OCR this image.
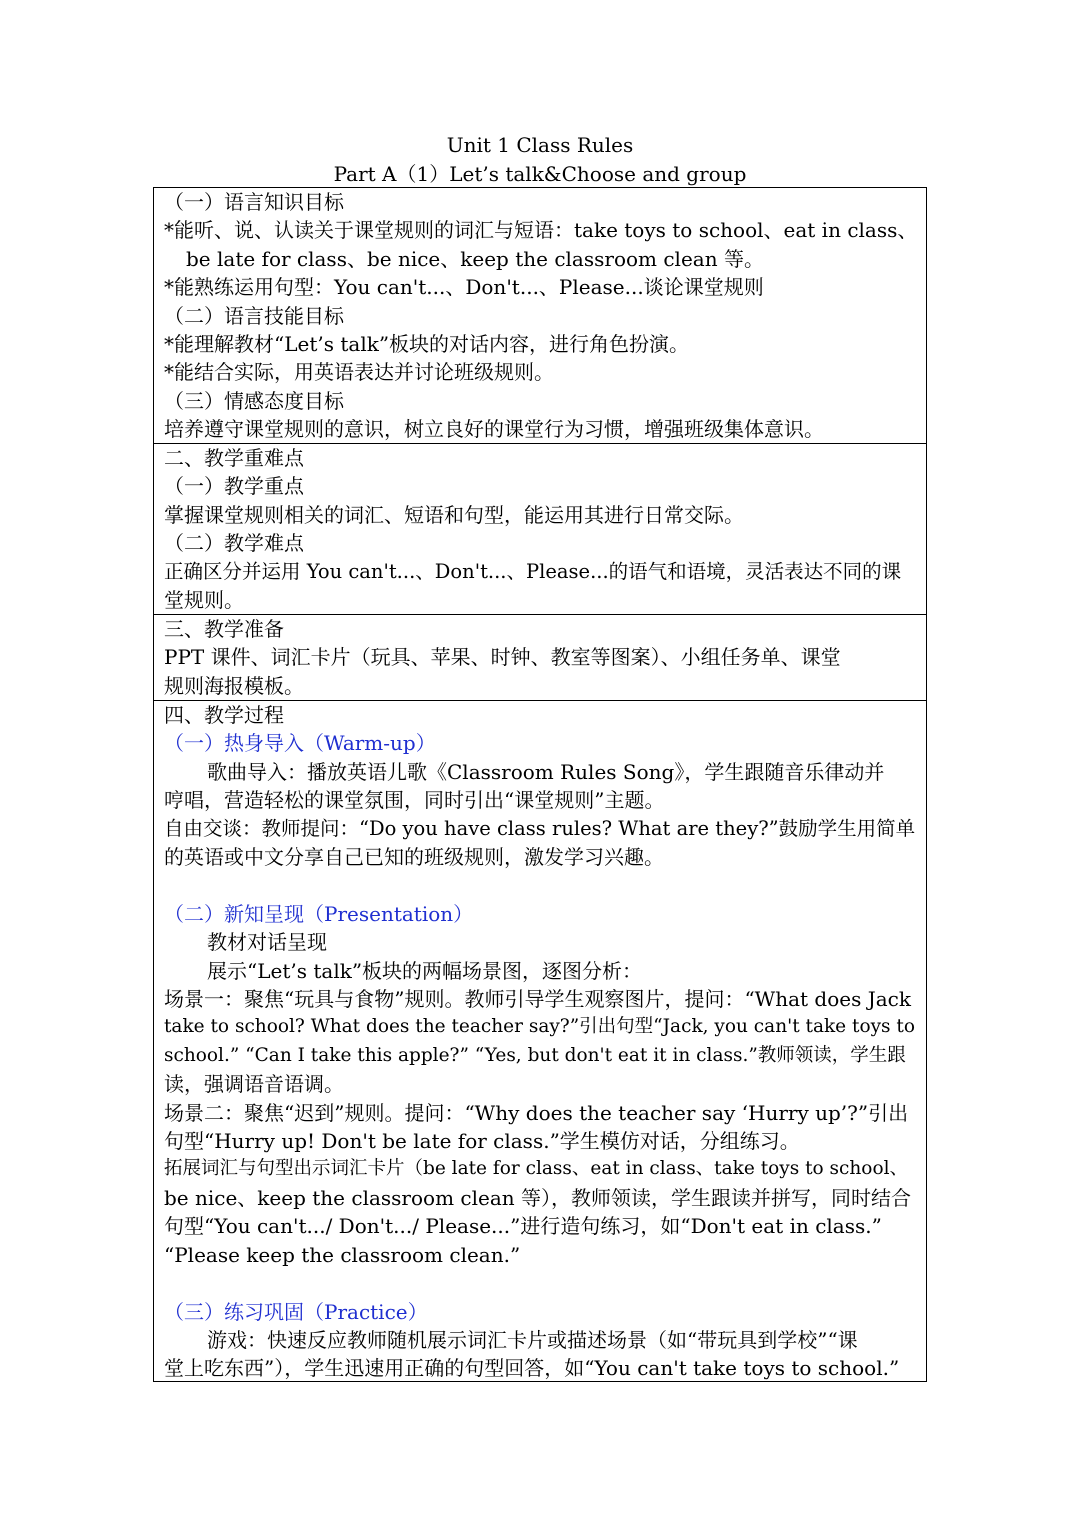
Unit 1 Class Rules
Part A（1）Let’s talk&Choose and group
（一）语言知识目标
*能听、说、认读关于课堂规则的词汇与短语：take toys to school、eat in class、
be late for class、be nice、keep the classroom clean 等。
*能熟练运用句型：You can't...、Don't...、Please...谈论课堂规则
（二）语言技能目标
*能理解教材“Let’s talk”板块的对话内容，进行角色扮演。
*能结合实际，用英语表达并讨论班级规则。
（三）情感态度目标
培养遵守课堂规则的意识，树立良好的课堂行为习惯，增强班级集体意识。
二、教学重难点
（一）教学重点
掌握课堂规则相关的词汇、短语和句型，能运用其进行日常交际。
（二）教学难点
正确区分并运用 You can't...、Don't...、Please...的语气和语境，灵活表达不同的课
堂规则。
三、教学准备
PPT 课件、词汇卡片（玩具、苹果、时钟、教室等图案）、小组任务单、课堂
规则海报模板。
四、教学过程
（一）热身导入（Warm-up）
歌曲导入：播放英语儿歌《Classroom Rules Song》，学生跟随音乐律动并
哼唱，营造轻松的课堂氛围，同时引出“课堂规则”主题。
自由交谈：教师提问：“Do you have class rules? What are they?”鼓励学生用简单
的英语或中文分享自己已知的班级规则，激发学习兴趣。
（二）新知呈现（Presentation）
教材对话呈现
展示“Let’s talk”板块的两幅场景图，逐图分析：
场景一：聚焦“玩具与食物”规则。教师引导学生观察图片，提问：“What does Jack
take to school? What does the teacher say?”引出句型“Jack, you can't take toys to
school.” “Can I take this apple?” “Yes, but don't eat it in class.”教师领读，学生跟
读，强调语音语调。
场景二：聚焦“迟到”规则。提问：“Why does the teacher say ‘Hurry up’?”引出
句型“Hurry up! Don't be late for class.”学生模仿对话，分组练习。
拓展词汇与句型出示词汇卡片（be late for class、eat in class、take toys to school、
be nice、keep the classroom clean 等），教师领读，学生跟读并拼写，同时结合
句型“You can't.../ Don't.../ Please...”进行造句练习，如“Don't eat in class.”
“Please keep the classroom clean.”
（三）练习巩固（Practice）
游戏：快速反应教师随机展示词汇卡片或描述场景（如“带玩具到学校”“课
堂上吃东西”），学生迅速用正确的句型回答，如“You can't take toys to school.”
